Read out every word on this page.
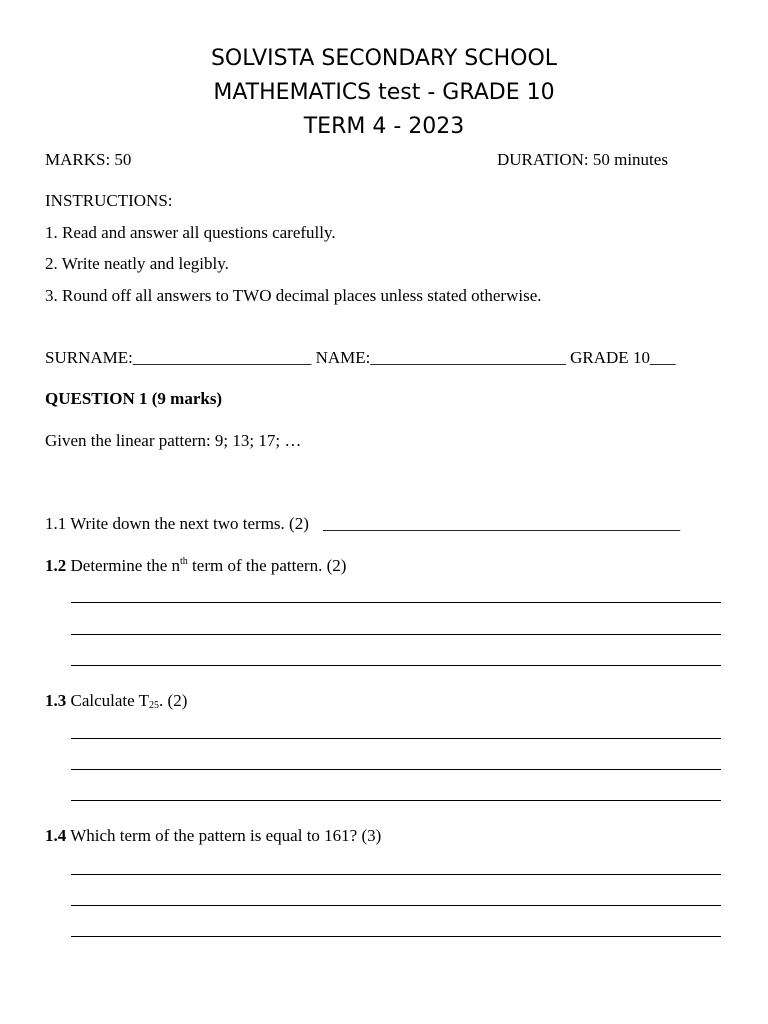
SOLVISTA SECONDARY SCHOOL
MATHEMATICS test - GRADE 10
TERM 4 - 2023
MARKS: 50	DURATION: 50 minutes
INSTRUCTIONS:
1. Read and answer all questions carefully.
2. Write neatly and legibly.
3. Round off all answers to TWO decimal places unless stated otherwise.
SURNAME:_____________________ NAME:_______________________ GRADE 10___
QUESTION 1 (9 marks)
Given the linear pattern: 9; 13; 17; …
1.1 Write down the next two terms. (2) __________________________________________
1.2 Determine the $n^{th}$ term of the pattern. (2)
1.3 Calculate $T_{25}$. (2)
1.4 Which term of the pattern is equal to 161? (3)
